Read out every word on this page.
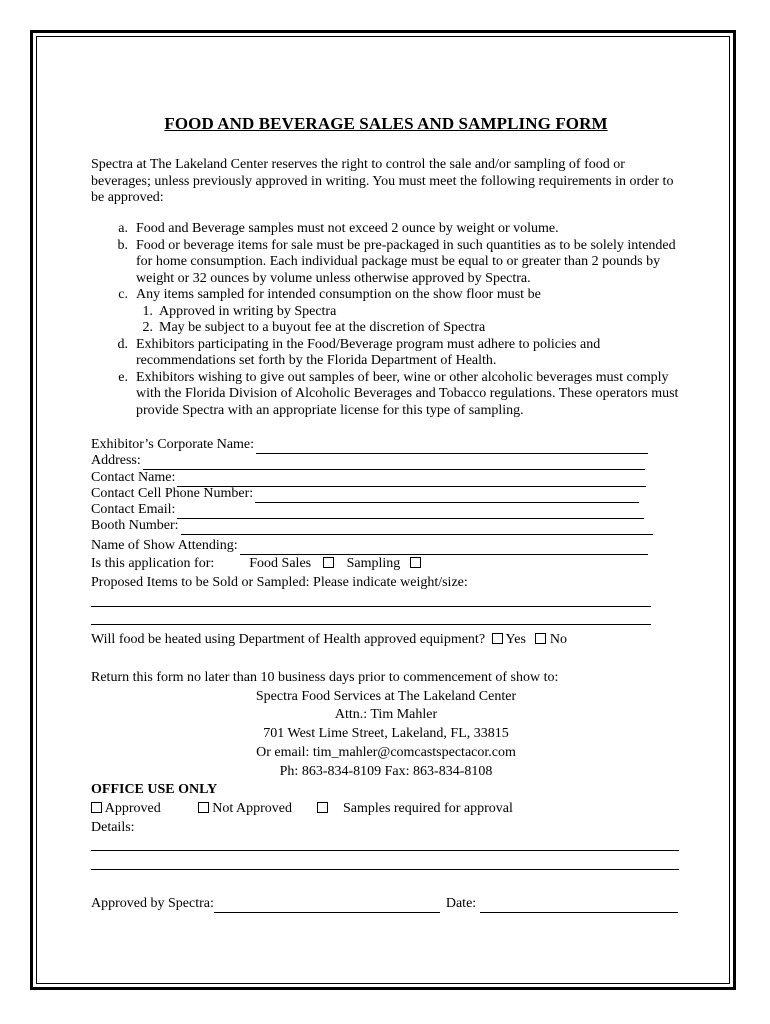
FOOD AND BEVERAGE SALES AND SAMPLING FORM
Spectra at The Lakeland Center reserves the right to control the sale and/or sampling of food or beverages; unless previously approved in writing. You must meet the following requirements in order to be approved:
a. Food and Beverage samples must not exceed 2 ounce by weight or volume.
b. Food or beverage items for sale must be pre-packaged in such quantities as to be solely intended for home consumption. Each individual package must be equal to or greater than 2 pounds by weight or 32 ounces by volume unless otherwise approved by Spectra.
c. Any items sampled for intended consumption on the show floor must be
1. Approved in writing by Spectra
2. May be subject to a buyout fee at the discretion of Spectra
d. Exhibitors participating in the Food/Beverage program must adhere to policies and recommendations set forth by the Florida Department of Health.
e. Exhibitors wishing to give out samples of beer, wine or other alcoholic beverages must comply with the Florida Division of Alcoholic Beverages and Tobacco regulations. These operators must provide Spectra with an appropriate license for this type of sampling.
Exhibitor’s Corporate Name:
Address:
Contact Name:
Contact Cell Phone Number:
Contact Email:
Booth Number:
Name of Show Attending:
Is this application for:	Food Sales	Sampling
Proposed Items to be Sold or Sampled: Please indicate weight/size:
Will food be heated using Department of Health approved equipment? Yes No
Return this form no later than 10 business days prior to commencement of show to:
Spectra Food Services at The Lakeland Center
Attn.: Tim Mahler
701 West Lime Street, Lakeland, FL, 33815
Or email: tim_mahler@comcastspectacor.com
Ph: 863-834-8109 Fax: 863-834-8108
OFFICE USE ONLY
Approved	Not Approved	Samples required for approval
Details:
Approved by Spectra:	Date:
